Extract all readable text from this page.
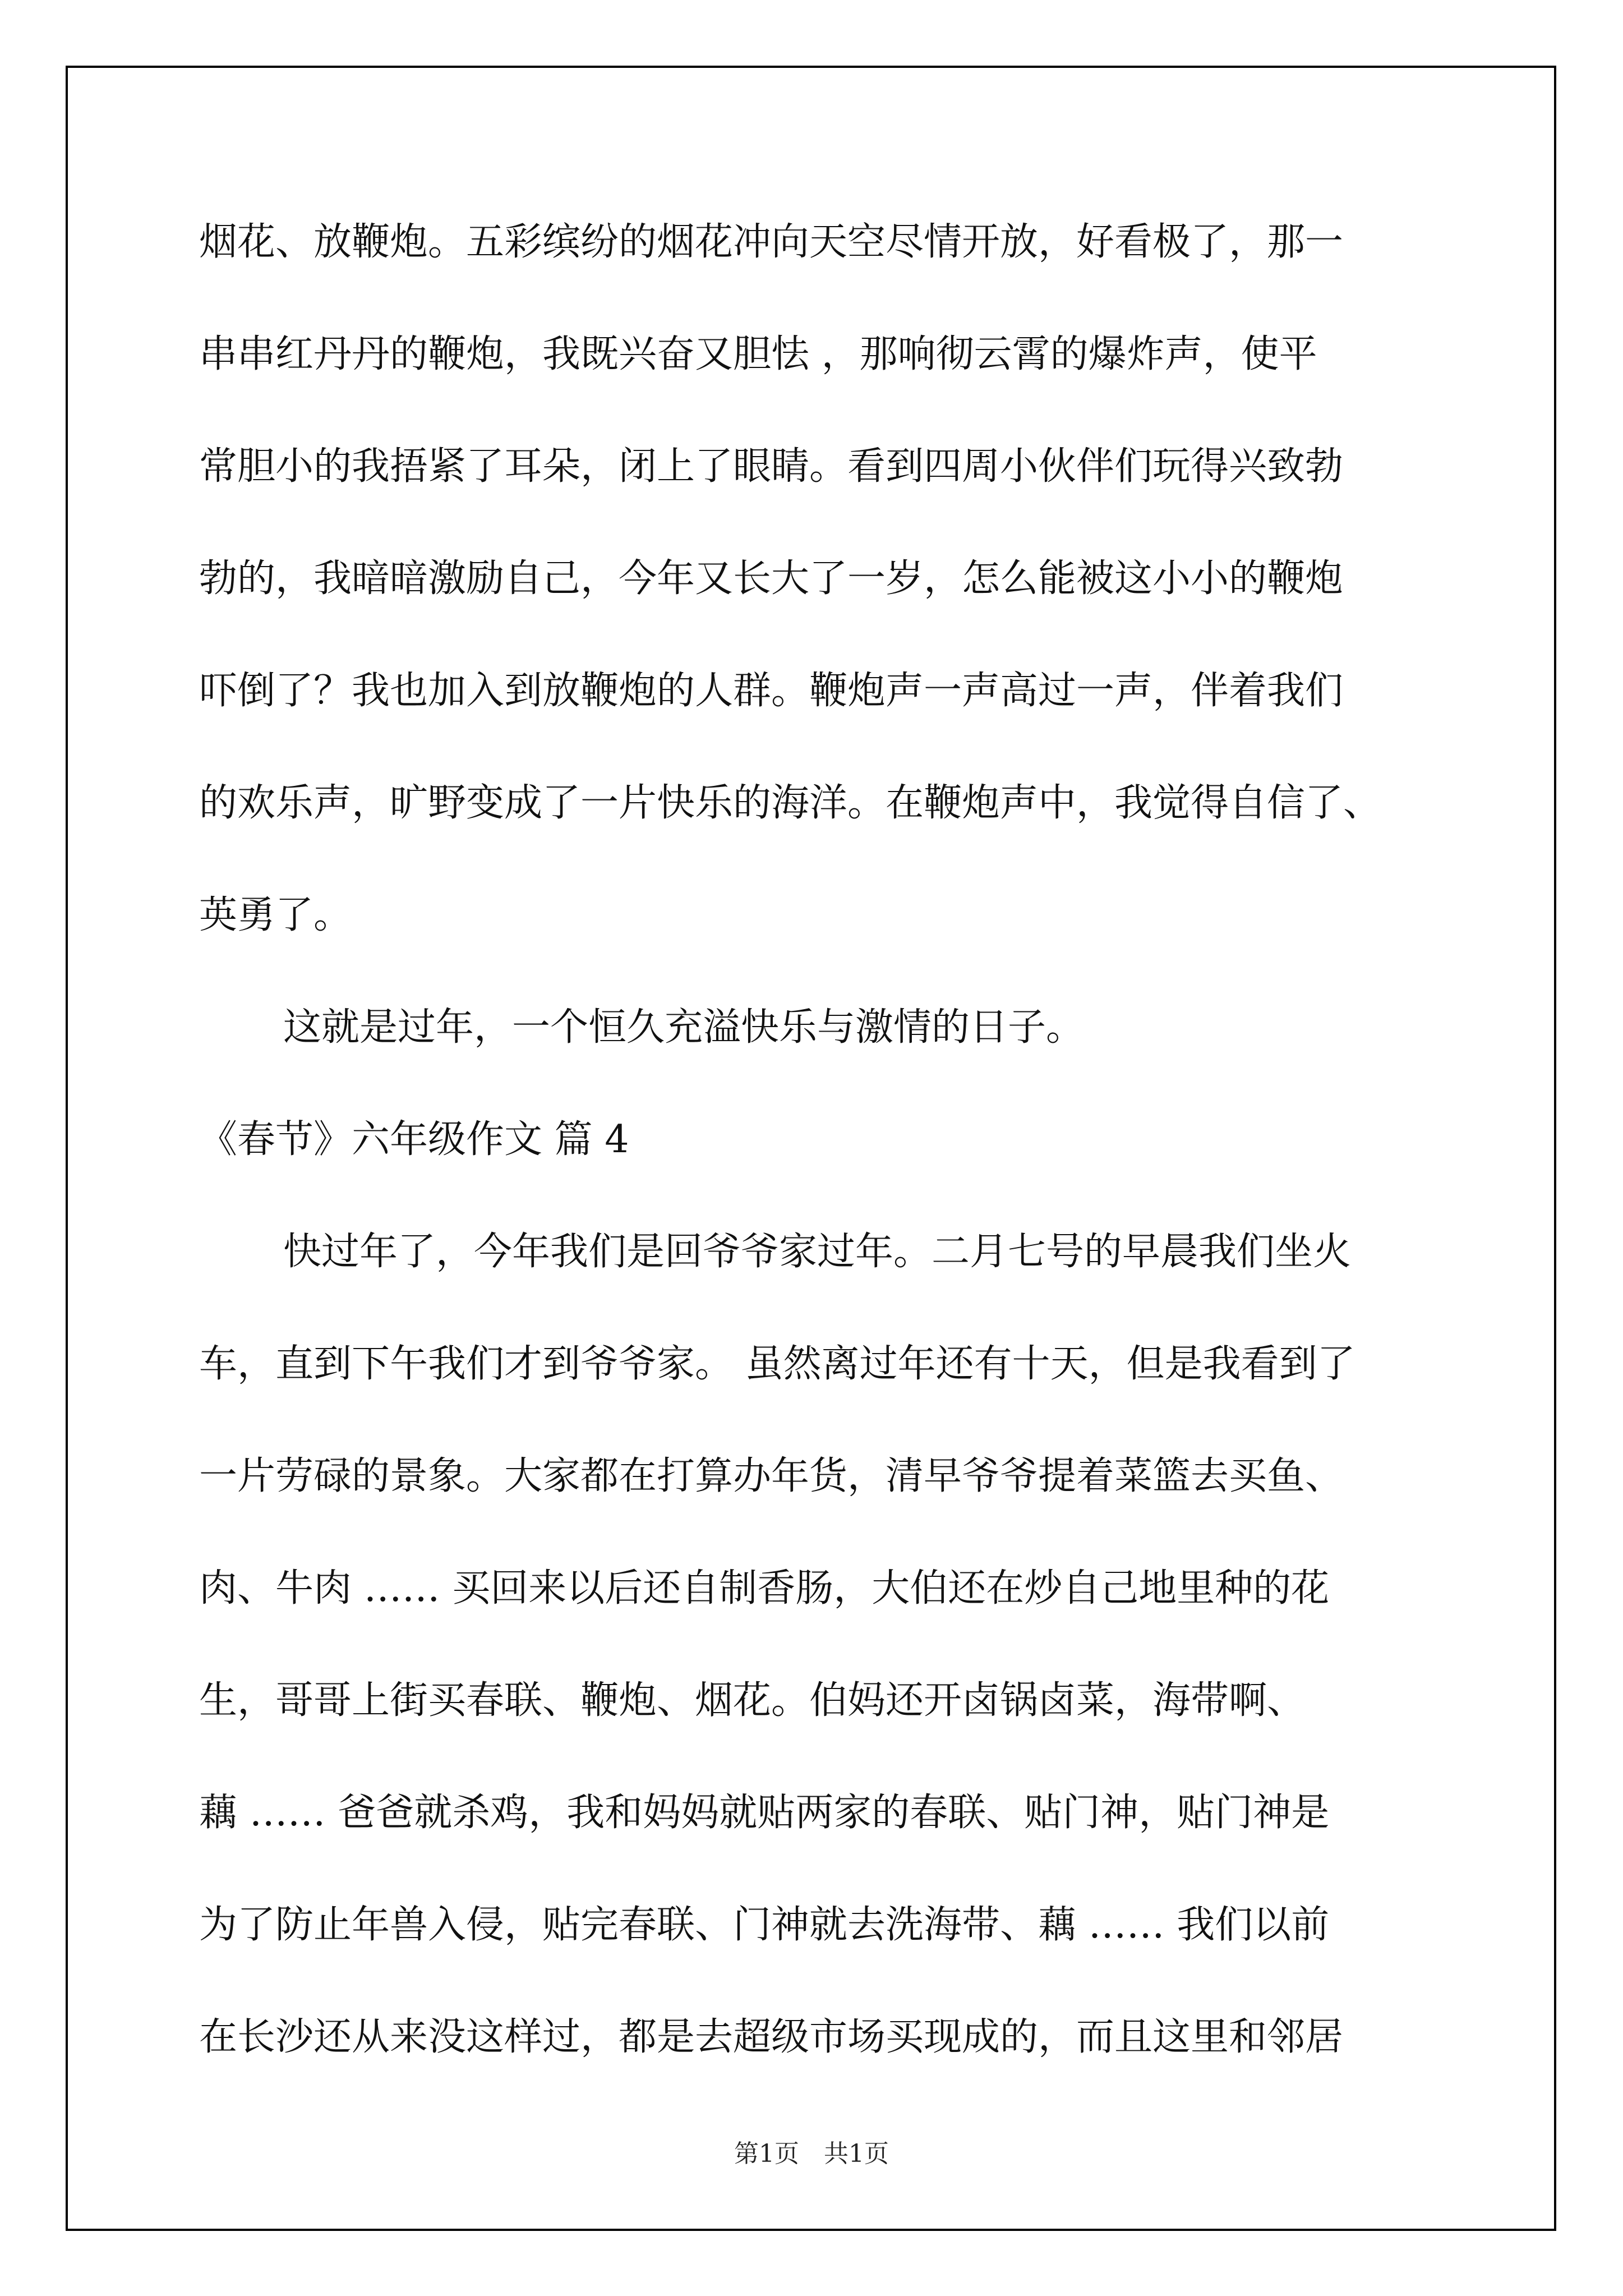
烟花、放鞭炮。五彩缤纷的烟花冲向天空尽情开放，好看极了，那一
串串红丹丹的鞭炮，我既兴奋又胆怯 ，那响彻云霄的爆炸声，使平
常胆小的我捂紧了耳朵，闭上了眼睛。看到四周小伙伴们玩得兴致勃
勃的，我暗暗激励自己，今年又长大了一岁，怎么能被这小小的鞭炮
吓倒了？我也加入到放鞭炮的人群。鞭炮声一声高过一声，伴着我们
的欢乐声，旷野变成了一片快乐的海洋。在鞭炮声中，我觉得自信了、
英勇了。
这就是过年，一个恒久充溢快乐与激情的日子。
《春节》六年级作文 篇 4
快过年了，今年我们是回爷爷家过年。二月七号的早晨我们坐火
车，直到下午我们才到爷爷家。 虽然离过年还有十天，但是我看到了
一片劳碌的景象。大家都在打算办年货，清早爷爷提着菜篮去买鱼、
肉、牛肉 …… 买回来以后还自制香肠，大伯还在炒自己地里种的花
生，哥哥上街买春联、鞭炮、烟花。伯妈还开卤锅卤菜，海带啊、
藕 …… 爸爸就杀鸡，我和妈妈就贴两家的春联、贴门神，贴门神是
为了防止年兽入侵，贴完春联、门神就去洗海带、藕 …… 我们以前
在长沙还从来没这样过，都是去超级市场买现成的，而且这里和邻居
第1页　共1页
